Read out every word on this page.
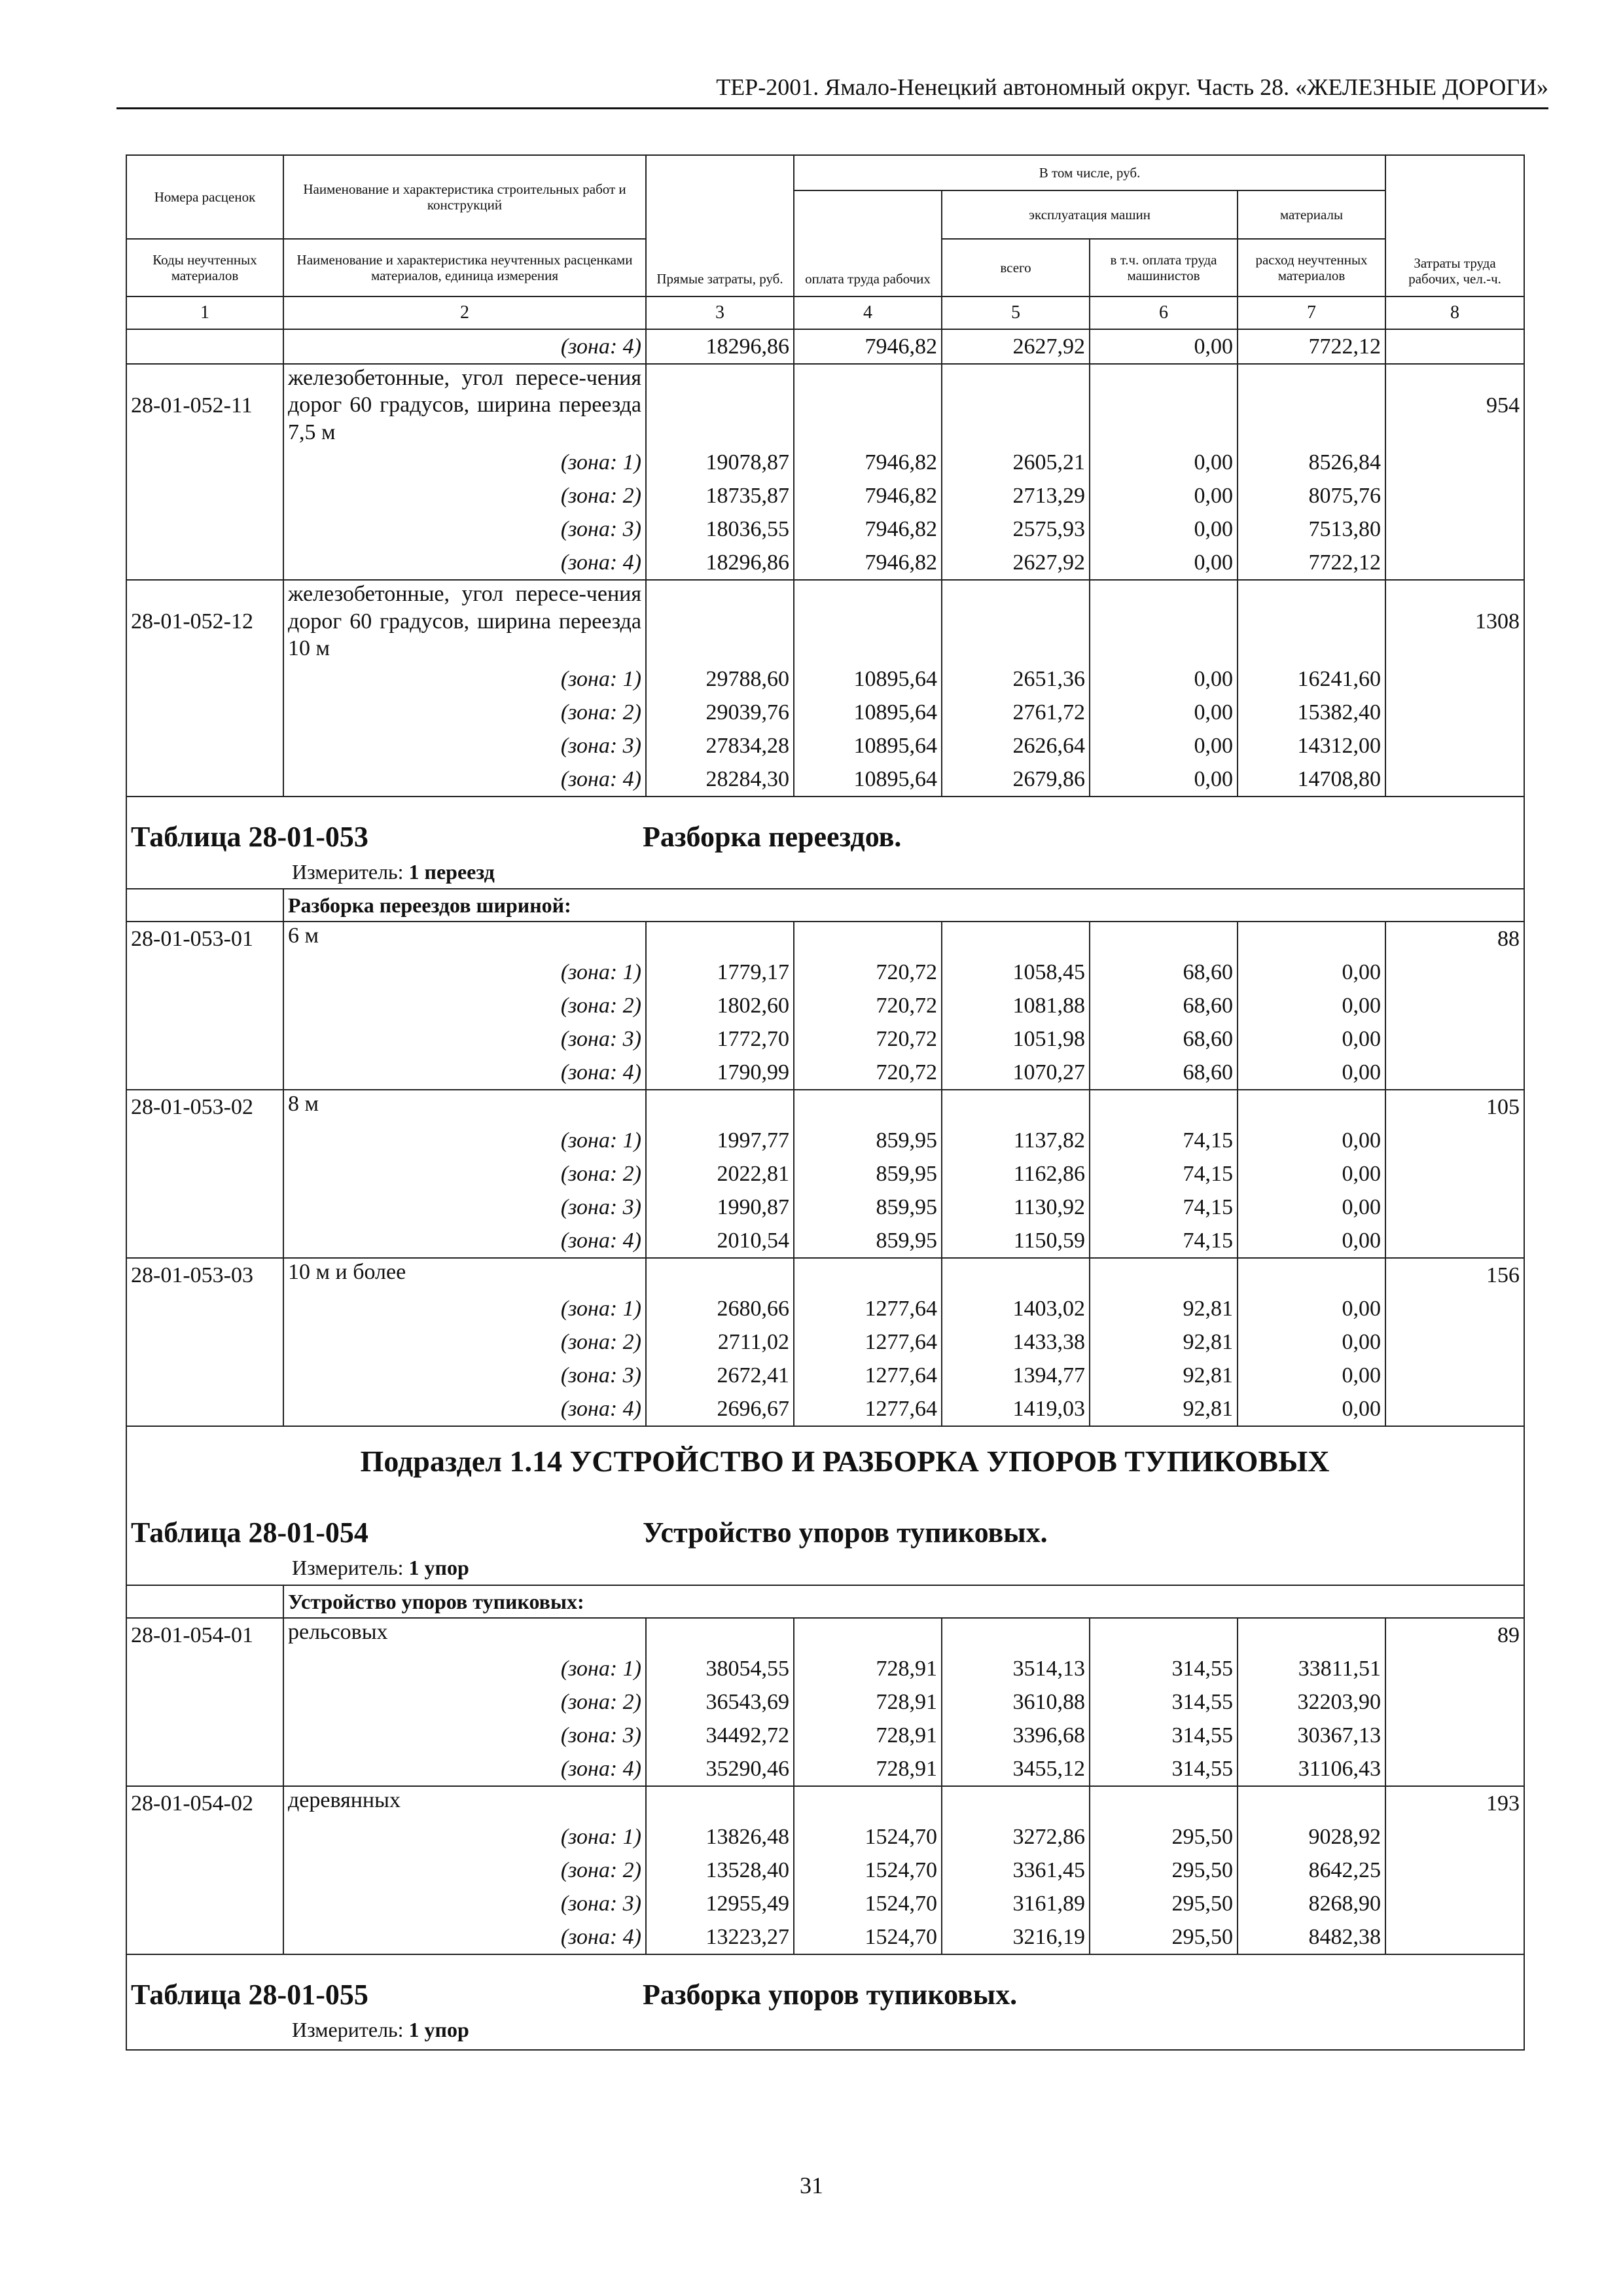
ТЕР-2001. Ямало-Ненецкий автономный округ. Часть 28. «ЖЕЛЕЗНЫЕ ДОРОГИ»
Номера расценок	Наименование и характеристика строительных работ и конструкций	Прямые затраты, руб.	В том числе, руб.				Затраты труда рабочих, чел.-ч.
			оплата труда рабочих	эксплуатация машин		материалы	
Коды неучтенных материалов	Наименование и характеристика неучтенных расценками материалов, единица измерения			всего	в т.ч. оплата труда машинистов	расход неучтенных материалов	

1	2	3	4	5	6	7	8
	(зона: 4)	18296,86	7946,82	2627,92	0,00	7722,12	
28-01-052-11	железобетонные, угол пересе-чения дорог 60 градусов, ширина переезда 7,5 м						954
	(зона: 1)	19078,87	7946,82	2605,21	0,00	8526,84	
	(зона: 2)	18735,87	7946,82	2713,29	0,00	8075,76	
	(зона: 3)	18036,55	7946,82	2575,93	0,00	7513,80	
	(зона: 4)	18296,86	7946,82	2627,92	0,00	7722,12	
28-01-052-12	железобетонные, угол пересе-чения дорог 60 градусов, ширина переезда 10 м						1308
	(зона: 1)	29788,60	10895,64	2651,36	0,00	16241,60	
	(зона: 2)	29039,76	10895,64	2761,72	0,00	15382,40	
	(зона: 3)	27834,28	10895,64	2626,64	0,00	14312,00	
	(зона: 4)	28284,30	10895,64	2679,86	0,00	14708,80	

Таблица 28-01-053 Разборка переездов.
Измеритель: 1 переезд							

	Разборка переездов шириной:						
28-01-053-01	6 м						88
	(зона: 1)	1779,17	720,72	1058,45	68,60	0,00	
	(зона: 2)	1802,60	720,72	1081,88	68,60	0,00	
	(зона: 3)	1772,70	720,72	1051,98	68,60	0,00	
	(зона: 4)	1790,99	720,72	1070,27	68,60	0,00	
28-01-053-02	8 м						105
	(зона: 1)	1997,77	859,95	1137,82	74,15	0,00	
	(зона: 2)	2022,81	859,95	1162,86	74,15	0,00	
	(зона: 3)	1990,87	859,95	1130,92	74,15	0,00	
	(зона: 4)	2010,54	859,95	1150,59	74,15	0,00	
28-01-053-03	10 м и более						156
	(зона: 1)	2680,66	1277,64	1403,02	92,81	0,00	
	(зона: 2)	2711,02	1277,64	1433,38	92,81	0,00	
	(зона: 3)	2672,41	1277,64	1394,77	92,81	0,00	
	(зона: 4)	2696,67	1277,64	1419,03	92,81	0,00	

Подраздел 1.14 УСТРОЙСТВО И РАЗБОРКА УПОРОВ ТУПИКОВЫХ
Таблица 28-01-054 Устройство упоров тупиковых.
Измеритель: 1 упор							

	Устройство упоров тупиковых:						
28-01-054-01	рельсовых						89
	(зона: 1)	38054,55	728,91	3514,13	314,55	33811,51	
	(зона: 2)	36543,69	728,91	3610,88	314,55	32203,90	
	(зона: 3)	34492,72	728,91	3396,68	314,55	30367,13	
	(зона: 4)	35290,46	728,91	3455,12	314,55	31106,43	
28-01-054-02	деревянных						193
	(зона: 1)	13826,48	1524,70	3272,86	295,50	9028,92	
	(зона: 2)	13528,40	1524,70	3361,45	295,50	8642,25	
	(зона: 3)	12955,49	1524,70	3161,89	295,50	8268,90	
	(зона: 4)	13223,27	1524,70	3216,19	295,50	8482,38	

Таблица 28-01-055 Разборка упоров тупиковых.
Измеритель: 1 упор							
31
